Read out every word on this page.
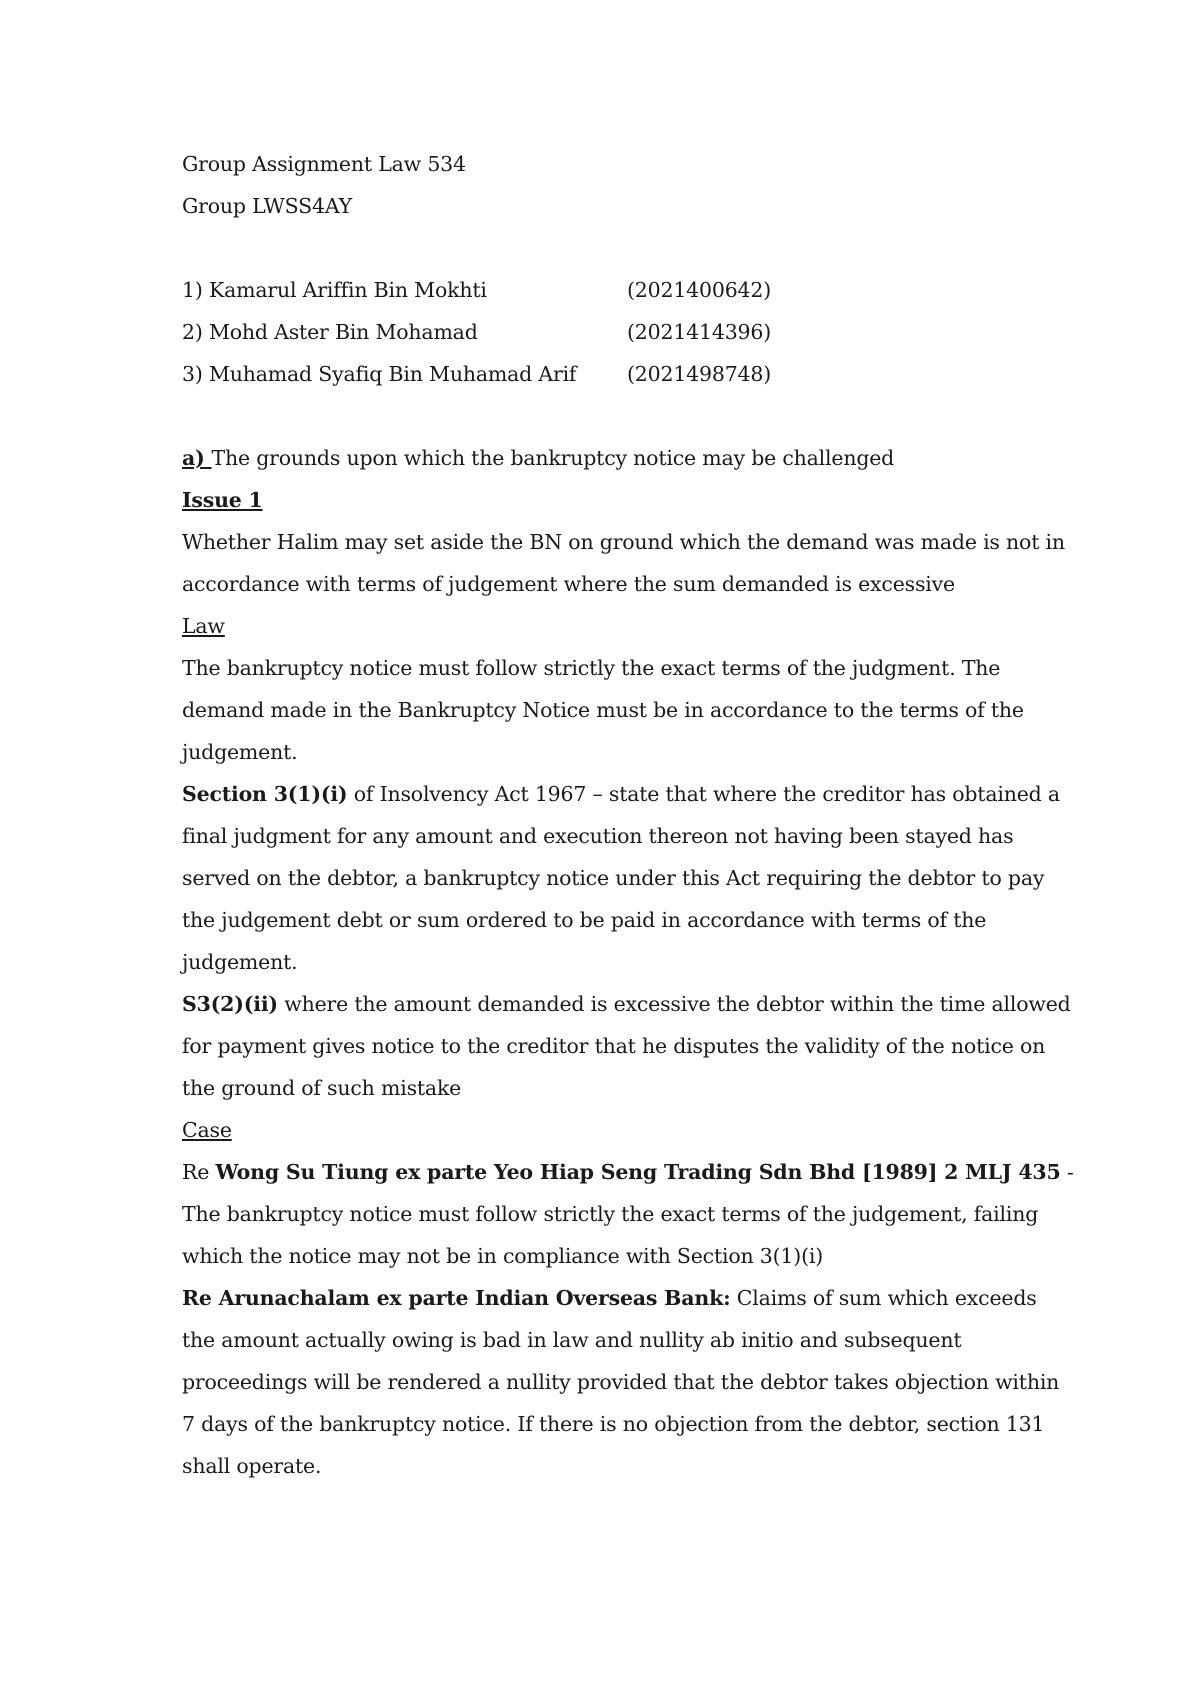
Group Assignment Law 534
Group LWSS4AY
1) Kamarul Ariffin Bin Mokhti	(2021400642)
2) Mohd Aster Bin Mohamad	(2021414396)
3) Muhamad Syafiq Bin Muhamad Arif (2021498748)
a) The grounds upon which the bankruptcy notice may be challenged
Issue 1
Whether Halim may set aside the BN on ground which the demand was made is not in
accordance with terms of judgement where the sum demanded is excessive
Law
The bankruptcy notice must follow strictly the exact terms of the judgment. The
demand made in the Bankruptcy Notice must be in accordance to the terms of the
judgement.
Section 3(1)(i) of Insolvency Act 1967 – state that where the creditor has obtained a
final judgment for any amount and execution thereon not having been stayed has
served on the debtor, a bankruptcy notice under this Act requiring the debtor to pay
the judgement debt or sum ordered to be paid in accordance with terms of the
judgement.
S3(2)(ii) where the amount demanded is excessive the debtor within the time allowed
for payment gives notice to the creditor that he disputes the validity of the notice on
the ground of such mistake
Case
Re Wong Su Tiung ex parte Yeo Hiap Seng Trading Sdn Bhd [1989] 2 MLJ 435 -
The bankruptcy notice must follow strictly the exact terms of the judgement, failing
which the notice may not be in compliance with Section 3(1)(i)
Re Arunachalam ex parte Indian Overseas Bank: Claims of sum which exceeds
the amount actually owing is bad in law and nullity ab initio and subsequent
proceedings will be rendered a nullity provided that the debtor takes objection within
7 days of the bankruptcy notice. If there is no objection from the debtor, section 131
shall operate.
